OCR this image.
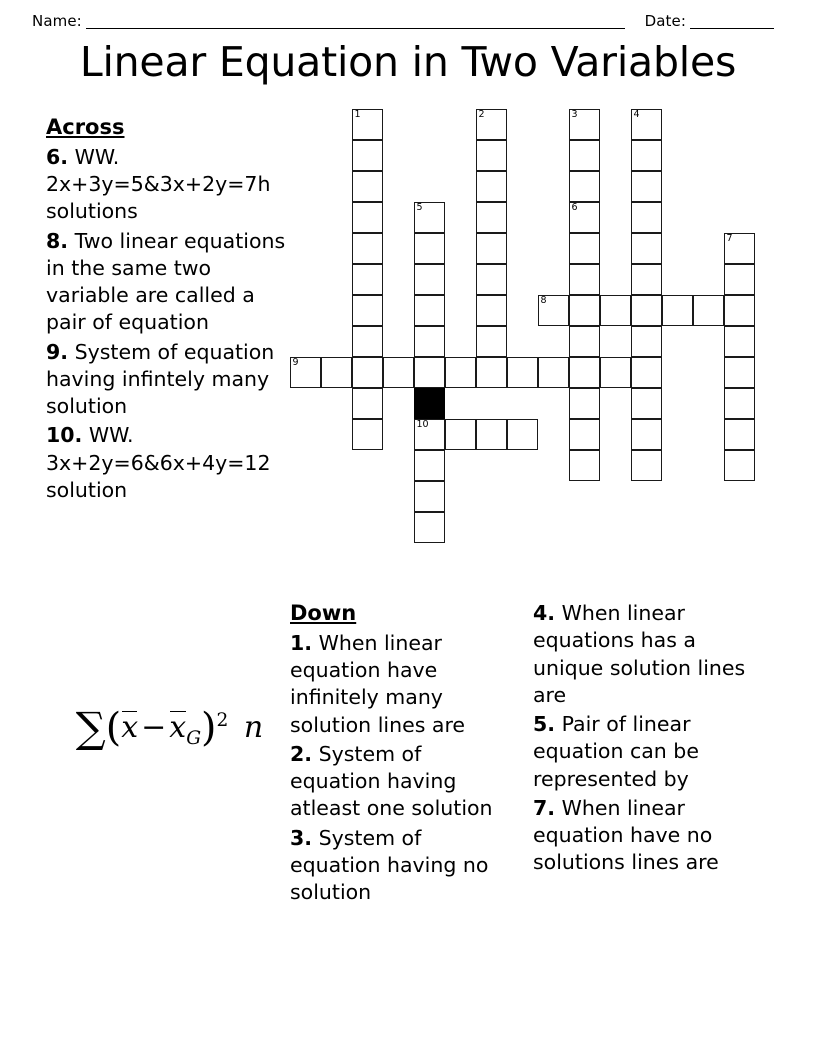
Name:	Date:
Linear Equation in Two Variables
Across
6. WW. 2x+3y=5&3x+2y=7h solutions
8. Two linear equations in the same two variable are called a pair of equation
9. System of equation having infintely many solution
10. WW. 3x+2y=6&6x+4y=12 solution
Down
1. When linear equation have infinitely many solution lines are
2. System of equation having atleast one solution
3. System of equation having no solution
4. When linear equations has a unique solution lines are
5. Pair of linear equation can be represented by
7. When linear equation have no solutions lines are
$\sum(x - x_G)^2$ n
1	2	3
6
4
5
10
7
8
9
